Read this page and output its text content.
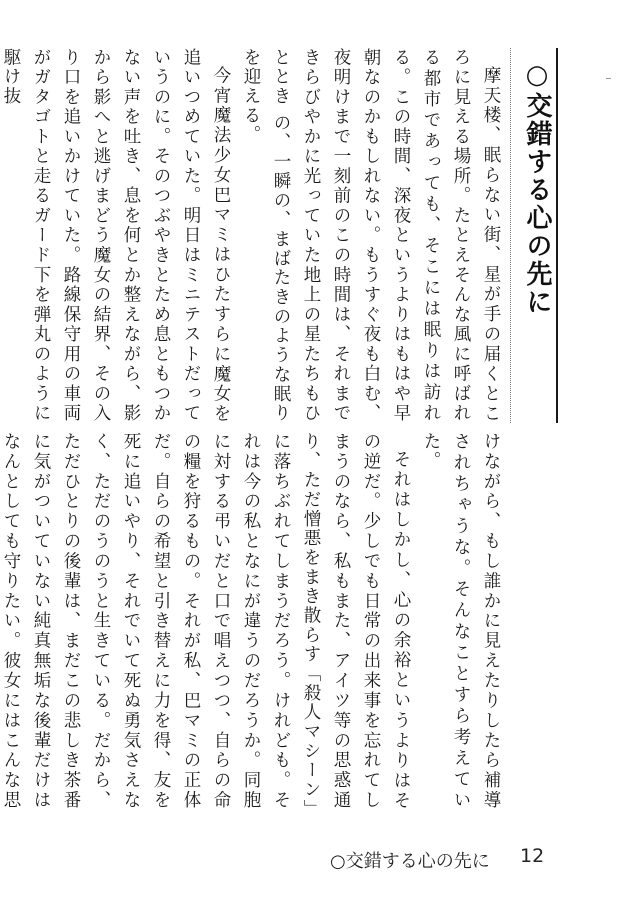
○交錯する心の先に

摩天楼、眠らない街、星が手の届くところに見える場所。たとえそんな風に呼ばれる都市であっても、そこには眠りは訪れる。この時間、深夜というよりはもはや早朝なのかもしれない。もうすぐ夜も白む、夜明けまで一刻前のこの時間は、それまできらびやかに光っていた地上の星たちもひととき の、一瞬の、まばたきのような眠りを迎える。

今宵魔法少女巴マミはひたすらに魔女を追いつめていた。明日はミニテストだっていうのに。そのつぶやきとため息ともつかない声を吐き、息を何とか整えながら、影から影へと逃げまどう魔女の結界、その入り口を追いかけていた。路線保守用の車両がガタゴトと走るガード下を弾丸のように駆け抜

けながら、もし誰かに見えたりしたら補導されちゃうな。そんなことすら考えていた。

それはしかし、心の余裕というよりはその逆だ。少しでも日常の出来事を忘れてしまうのなら、私もまた、アイツ等の思惑通り、ただ憎悪をまき散らす「殺人マシーン」に落ちぶれてしまうだろう。けれども。それは今の私となにが違うのだろうか。同胞に対する弔いだと口で唱えつつ、自らの命の糧を狩るもの。それが私、巴マミの正体だ。自らの希望と引き替えに力を得、友を死に追いやり、それでいて死ぬ勇気さえなく、ただのうのうと生きている。だから、ただひとりの後輩は、まだこの悲しき茶番に気がついていない純真無垢な後輩だけはなんとしても守りたい。彼女にはこんな思

○交錯する心の先に 12
